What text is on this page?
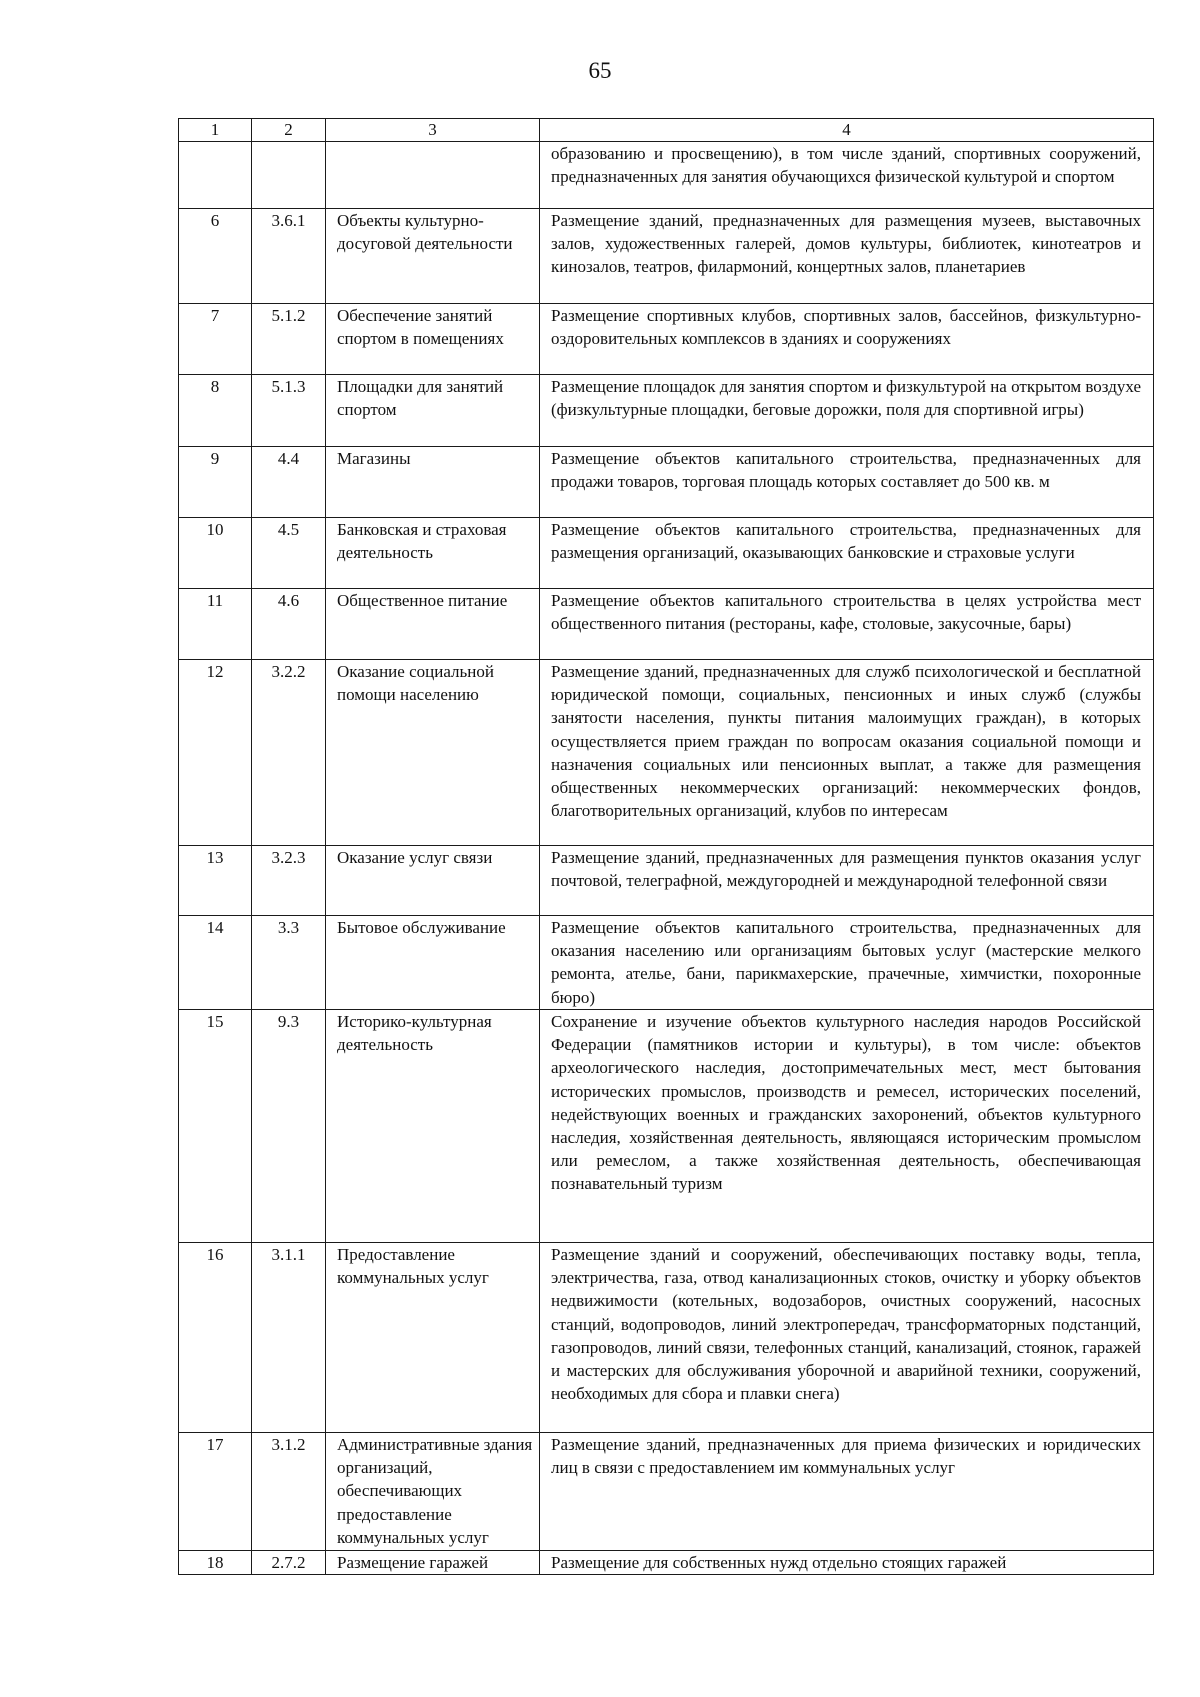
65
1	2	3	4
			образованию и просвещению), в том числе зданий, спортивных сооружений, предназначенных для занятия обучающихся физической культурой и спортом
6	3.6.1	Объекты культурно-досуговой деятельности	Размещение зданий, предназначенных для размещения музеев, выставочных залов, художественных галерей, домов культуры, библиотек, кинотеатров и кинозалов, театров, филармоний, концертных залов, планетариев
7	5.1.2	Обеспечение занятий спортом в помещениях	Размещение спортивных клубов, спортивных залов, бассейнов, физкультурно-оздоровительных комплексов в зданиях и сооружениях
8	5.1.3	Площадки для занятий спортом	Размещение площадок для занятия спортом и физкультурой на открытом воздухе (физкультурные площадки, беговые дорожки, поля для спортивной игры)
9	4.4	Магазины	Размещение объектов капитального строительства, предназначенных для продажи товаров, торговая площадь которых составляет до 500 кв. м
10	4.5	Банковская и страховая деятельность	Размещение объектов капитального строительства, предназначенных для размещения организаций, оказывающих банковские и страховые услуги
11	4.6	Общественное питание	Размещение объектов капитального строительства в целях устройства мест общественного питания (рестораны, кафе, столовые, закусочные, бары)
12	3.2.2	Оказание социальной помощи населению	Размещение зданий, предназначенных для служб психологической и бесплатной юридической помощи, социальных, пенсионных и иных служб (службы занятости населения, пункты питания малоимущих граждан), в которых осуществляется прием граждан по вопросам оказания социальной помощи и назначения социальных или пенсионных выплат, а также для размещения общественных некоммерческих организаций: некоммерческих фондов, благотворительных организаций, клубов по интересам
13	3.2.3	Оказание услуг связи	Размещение зданий, предназначенных для размещения пунктов оказания услуг почтовой, телеграфной, междугородней и международной телефонной связи
14	3.3	Бытовое обслуживание	Размещение объектов капитального строительства, предназначенных для оказания населению или организациям бытовых услуг (мастерские мелкого ремонта, ателье, бани, парикмахерские, прачечные, химчистки, похоронные бюро)
15	9.3	Историко-культурная деятельность	Сохранение и изучение объектов культурного наследия народов Российской Федерации (памятников истории и культуры), в том числе: объектов археологического наследия, достопримечательных мест, мест бытования исторических промыслов, производств и ремесел, исторических поселений, недействующих военных и гражданских захоронений, объектов культурного наследия, хозяйственная деятельность, являющаяся историческим промыслом или ремеслом, а также хозяйственная деятельность, обеспечивающая познавательный туризм
16	3.1.1	Предоставление коммунальных услуг	Размещение зданий и сооружений, обеспечивающих поставку воды, тепла, электричества, газа, отвод канализационных стоков, очистку и уборку объектов недвижимости (котельных, водозаборов, очистных сооружений, насосных станций, водопроводов, линий электропередач, трансформаторных подстанций, газопроводов, линий связи, телефонных станций, канализаций, стоянок, гаражей и мастерских для обслуживания уборочной и аварийной техники, сооружений, необходимых для сбора и плавки снега)
17	3.1.2	Административные здания организаций, обеспечивающих предоставление коммунальных услуг	Размещение зданий, предназначенных для приема физических и юридических лиц в связи с предоставлением им коммунальных услуг
18	2.7.2	Размещение гаражей	Размещение для собственных нужд отдельно стоящих гаражей
